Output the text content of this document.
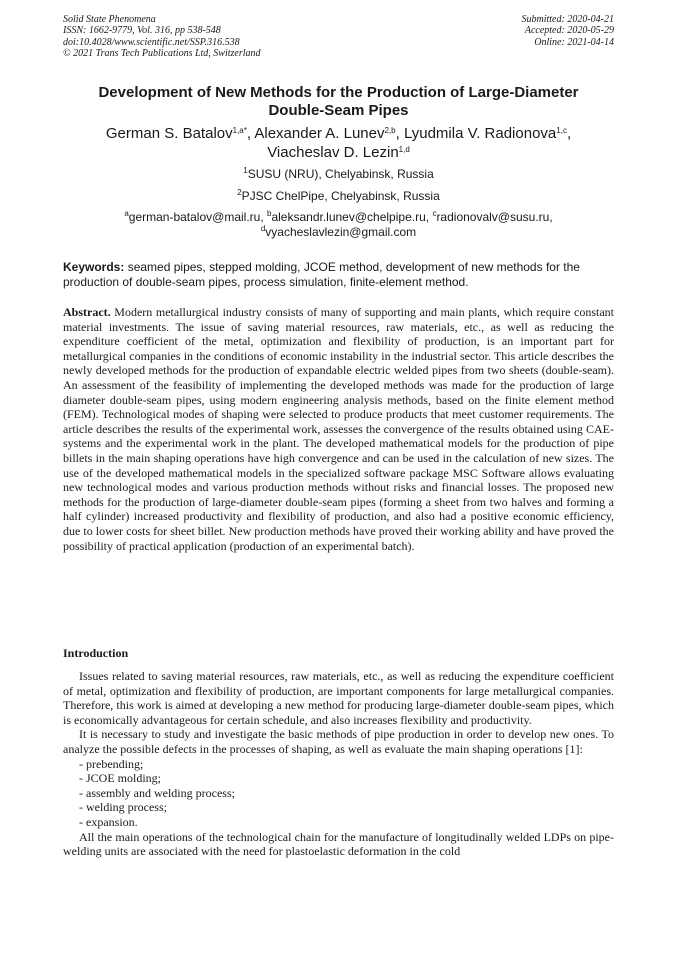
Solid State Phenomena
ISSN: 1662-9779, Vol. 316, pp 538-548
doi:10.4028/www.scientific.net/SSP.316.538
© 2021 Trans Tech Publications Ltd, Switzerland
Submitted: 2020-04-21
Accepted: 2020-05-29
Online: 2021-04-14
Development of New Methods for the Production of Large-Diameter
Double-Seam Pipes
German S. Batalov$^{1,a*}$, Alexander A. Lunev$^{2,b}$, Lyudmila V. Radionova$^{1,c}$,
Viacheslav D. Lezin$^{1,d}$
$^1$SUSU (NRU), Chelyabinsk, Russia
$^2$PJSC ChelPipe, Chelyabinsk, Russia
$^a$german-batalov@mail.ru, $^b$aleksandr.lunev@chelpipe.ru, $^c$radionovalv@susu.ru,
$^d$vyacheslavlezin@gmail.com
Keywords: seamed pipes, stepped molding, JCOE method, development of new methods for the production of double-seam pipes, process simulation, finite-element method.
Abstract. Modern metallurgical industry consists of many of supporting and main plants, which require constant material investments. The issue of saving material resources, raw materials, etc., as well as reducing the expenditure coefficient of the metal, optimization and flexibility of production, is an important part for metallurgical companies in the conditions of economic instability in the industrial sector. This article describes the newly developed methods for the production of expandable electric welded pipes from two sheets (double-seam). An assessment of the feasibility of implementing the developed methods was made for the production of large diameter double-seam pipes, using modern engineering analysis methods, based on the finite element method (FEM). Technological modes of shaping were selected to produce products that meet customer requirements. The article describes the results of the experimental work, assesses the convergence of the results obtained using CAE-systems and the experimental work in the plant. The developed mathematical models for the production of pipe billets in the main shaping operations have high convergence and can be used in the calculation of new sizes. The use of the developed mathematical models in the specialized software package MSC Software allows evaluating new technological modes and various production methods without risks and financial losses. The proposed new methods for the production of large-diameter double-seam pipes (forming a sheet from two halves and forming a half cylinder) increased productivity and flexibility of production, and also had a positive economic efficiency, due to lower costs for sheet billet. New production methods have proved their working ability and have proved the possibility of practical application (production of an experimental batch).
Introduction

Issues related to saving material resources, raw materials, etc., as well as reducing the expenditure coefficient of metal, optimization and flexibility of production, are important components for large metallurgical companies. Therefore, this work is aimed at developing a new method for producing large-diameter double-seam pipes, which is economically advantageous for certain schedule, and also increases flexibility and productivity.

It is necessary to study and investigate the basic methods of pipe production in order to develop new ones. To analyze the possible defects in the processes of shaping, as well as evaluate the main shaping operations [1]:

- prebending;
- JCOE molding;
- assembly and welding process;
- welding process;
- expansion.

All the main operations of the technological chain for the manufacture of longitudinally welded LDPs on pipe-welding units are associated with the need for plastoelastic deformation in the cold
